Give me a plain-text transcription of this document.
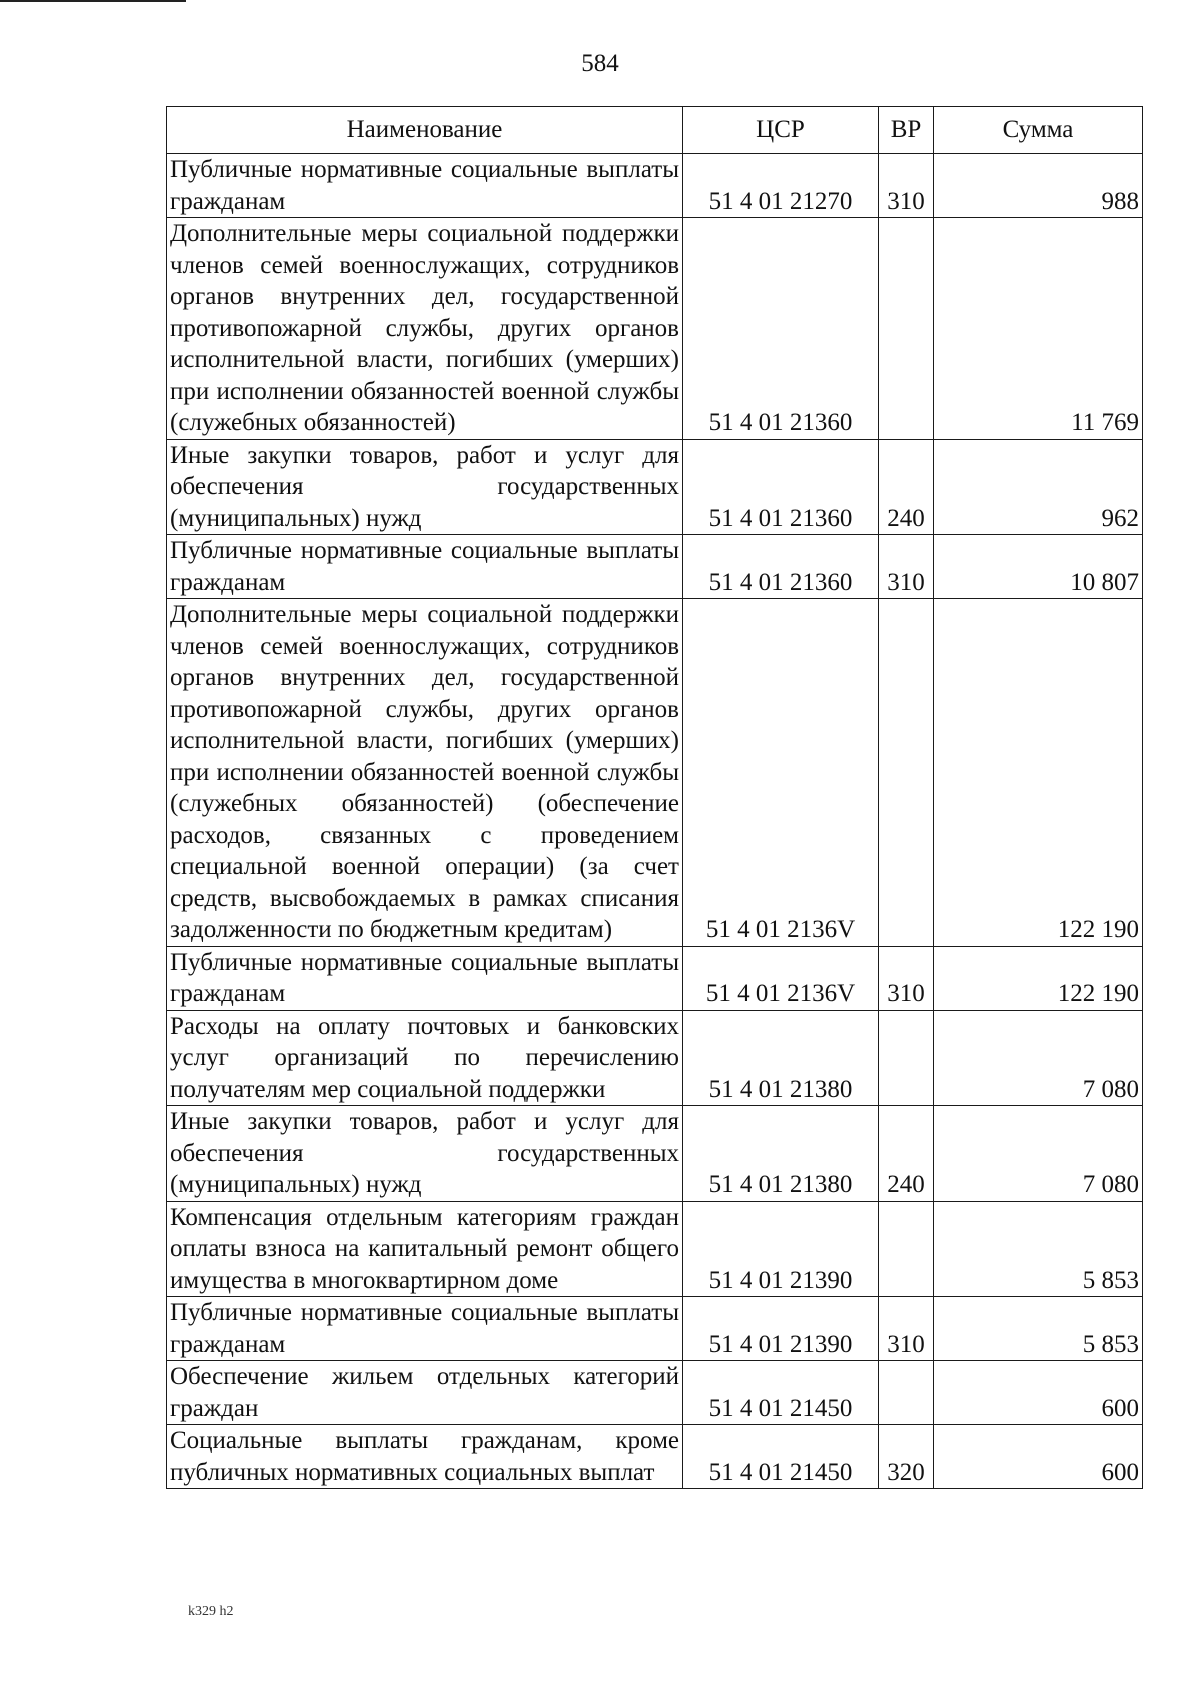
584
Наименование	ЦСР	ВР	Сумма
Публичные нормативные социальные выплаты гражданам	51 4 01 21270	310	988
Дополнительные меры социальной поддержки членов семей военнослужащих, сотрудников органов внутренних дел, государственной противопожарной службы, других органов исполнительной власти, погибших (умерших) при исполнении обязанностей военной службы (служебных обязанностей)	51 4 01 21360		11 769
Иные закупки товаров, работ и услуг для обеспечения государственных (муниципальных) нужд	51 4 01 21360	240	962
Публичные нормативные социальные выплаты гражданам	51 4 01 21360	310	10 807
Дополнительные меры социальной поддержки членов семей военнослужащих, сотрудников органов внутренних дел, государственной противопожарной службы, других органов исполнительной власти, погибших (умерших) при исполнении обязанностей военной службы (служебных обязанностей) (обеспечение расходов, связанных с проведением специальной военной операции) (за счет средств, высвобождаемых в рамках списания задолженности по бюджетным кредитам)	51 4 01 2136V		122 190
Публичные нормативные социальные выплаты гражданам	51 4 01 2136V	310	122 190
Расходы на оплату почтовых и банковских услуг организаций по перечислению получателям мер социальной поддержки	51 4 01 21380		7 080
Иные закупки товаров, работ и услуг для обеспечения государственных (муниципальных) нужд	51 4 01 21380	240	7 080
Компенсация отдельным категориям граждан оплаты взноса на капитальный ремонт общего имущества в многоквартирном доме	51 4 01 21390		5 853
Публичные нормативные социальные выплаты гражданам	51 4 01 21390	310	5 853
Обеспечение жильем отдельных категорий граждан	51 4 01 21450		600
Социальные выплаты гражданам, кроме публичных нормативных социальных выплат	51 4 01 21450	320	600
k329 h2
